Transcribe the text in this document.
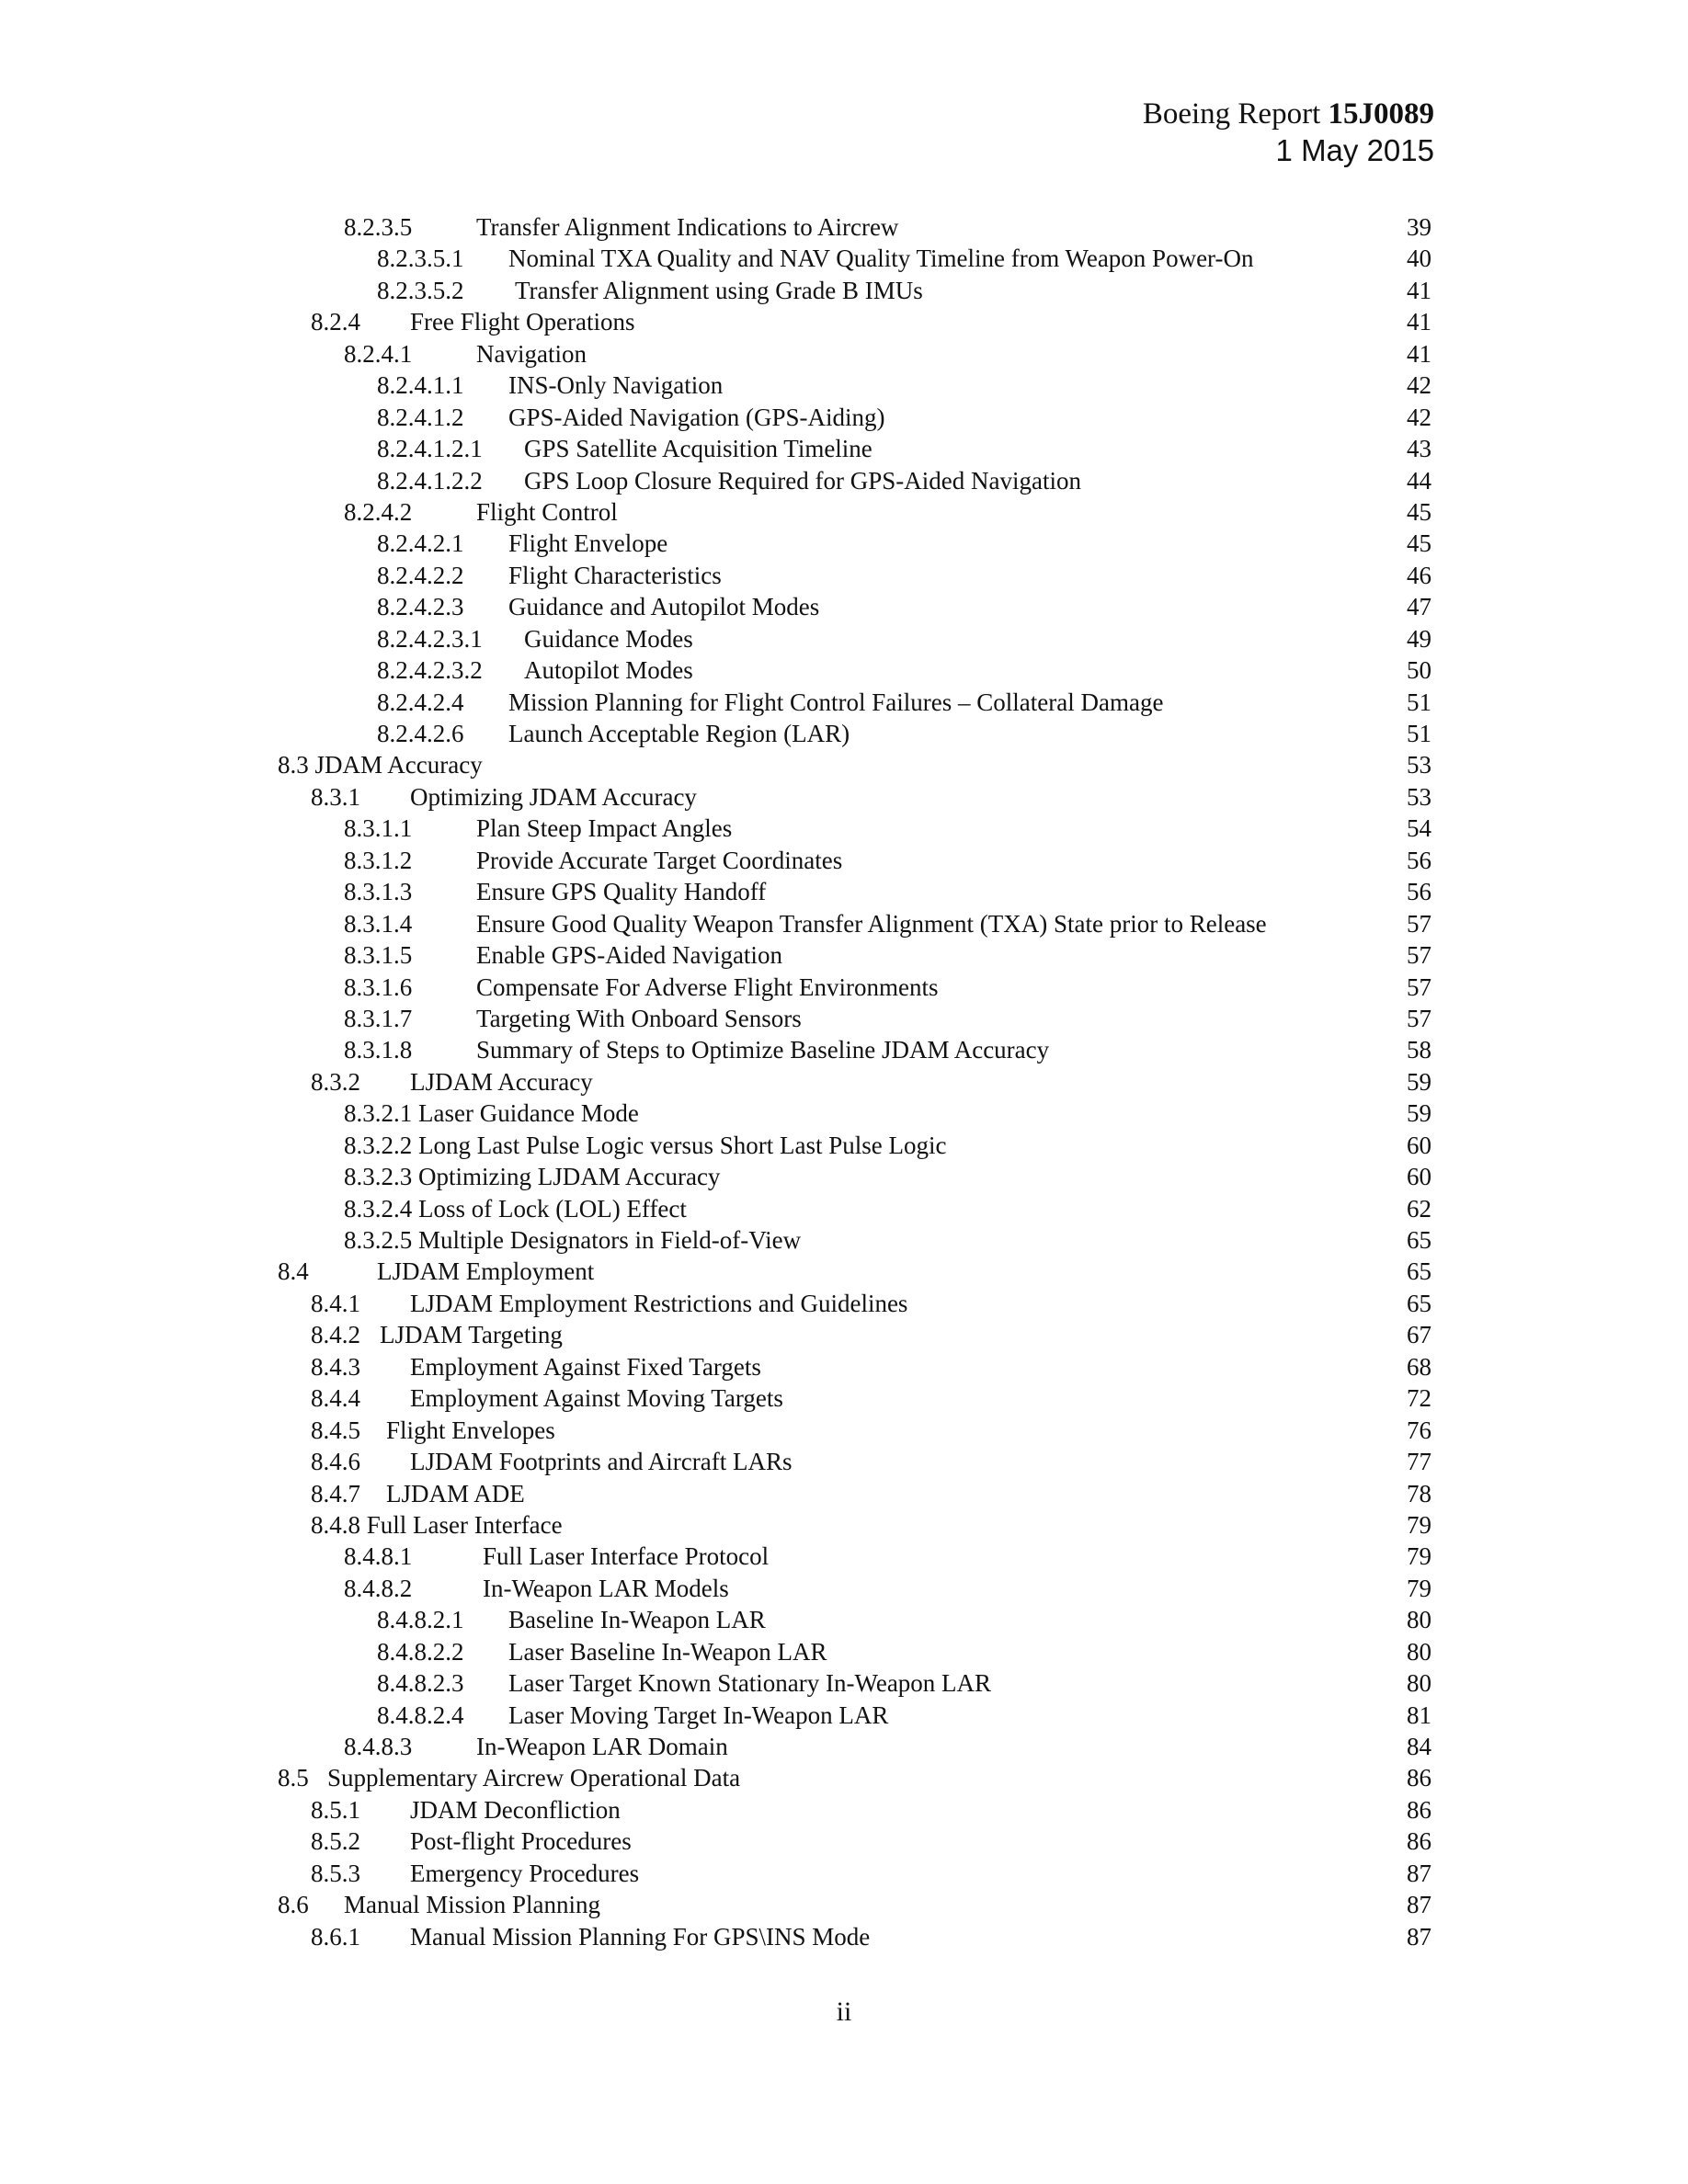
Boeing Report 15J0089
1 May 2015
8.2.3.5	Transfer Alignment Indications to Aircrew	39
8.2.3.5.1 Nominal TXA Quality and NAV Quality Timeline from Weapon Power-On	40
8.2.3.5.2 Transfer Alignment using Grade B IMUs	41
8.2.4 Free Flight Operations	41
8.2.4.1	Navigation	41
8.2.4.1.1 INS-Only Navigation	42
8.2.4.1.2 GPS-Aided Navigation (GPS-Aiding)	42
8.2.4.1.2.1 GPS Satellite Acquisition Timeline	43
8.2.4.1.2.2 GPS Loop Closure Required for GPS-Aided Navigation	44
8.2.4.2	Flight Control	45
8.2.4.2.1 Flight Envelope	45
8.2.4.2.2 Flight Characteristics	46
8.2.4.2.3 Guidance and Autopilot Modes	47
8.2.4.2.3.1 Guidance Modes	49
8.2.4.2.3.2 Autopilot Modes	50
8.2.4.2.4 Mission Planning for Flight Control Failures – Collateral Damage	51
8.2.4.2.6 Launch Acceptable Region (LAR)	51
8.3 JDAM Accuracy	53
8.3.1 Optimizing JDAM Accuracy	53
8.3.1.1	Plan Steep Impact Angles	54
8.3.1.2	Provide Accurate Target Coordinates	56
8.3.1.3	Ensure GPS Quality Handoff	56
8.3.1.4	Ensure Good Quality Weapon Transfer Alignment (TXA) State prior to Release	57
8.3.1.5	Enable GPS-Aided Navigation	57
8.3.1.6	Compensate For Adverse Flight Environments	57
8.3.1.7	Targeting With Onboard Sensors	57
8.3.1.8	Summary of Steps to Optimize Baseline JDAM Accuracy	58
8.3.2 LJDAM Accuracy	59
8.3.2.1 Laser Guidance Mode	59
8.3.2.2 Long Last Pulse Logic versus Short Last Pulse Logic	60
8.3.2.3 Optimizing LJDAM Accuracy	60
8.3.2.4 Loss of Lock (LOL) Effect	62
8.3.2.5 Multiple Designators in Field-of-View	65
8.4	LJDAM Employment	65
8.4.1 LJDAM Employment Restrictions and Guidelines	65
8.4.2 LJDAM Targeting	67
8.4.3 Employment Against Fixed Targets	68
8.4.4 Employment Against Moving Targets	72
8.4.5 Flight Envelopes	76
8.4.6 LJDAM Footprints and Aircraft LARs	77
8.4.7 LJDAM ADE	78
8.4.8 Full Laser Interface	79
8.4.8.1	Full Laser Interface Protocol	79
8.4.8.2	In-Weapon LAR Models	79
8.4.8.2.1 Baseline In-Weapon LAR	80
8.4.8.2.2 Laser Baseline In-Weapon LAR	80
8.4.8.2.3 Laser Target Known Stationary In-Weapon LAR	80
8.4.8.2.4 Laser Moving Target In-Weapon LAR	81
8.4.8.3	In-Weapon LAR Domain	84
8.5 Supplementary Aircrew Operational Data	86
8.5.1 JDAM Deconfliction	86
8.5.2 Post-flight Procedures	86
8.5.3 Emergency Procedures	87
8.6 Manual Mission Planning	87
8.6.1 Manual Mission Planning For GPS\INS Mode	87
ii
